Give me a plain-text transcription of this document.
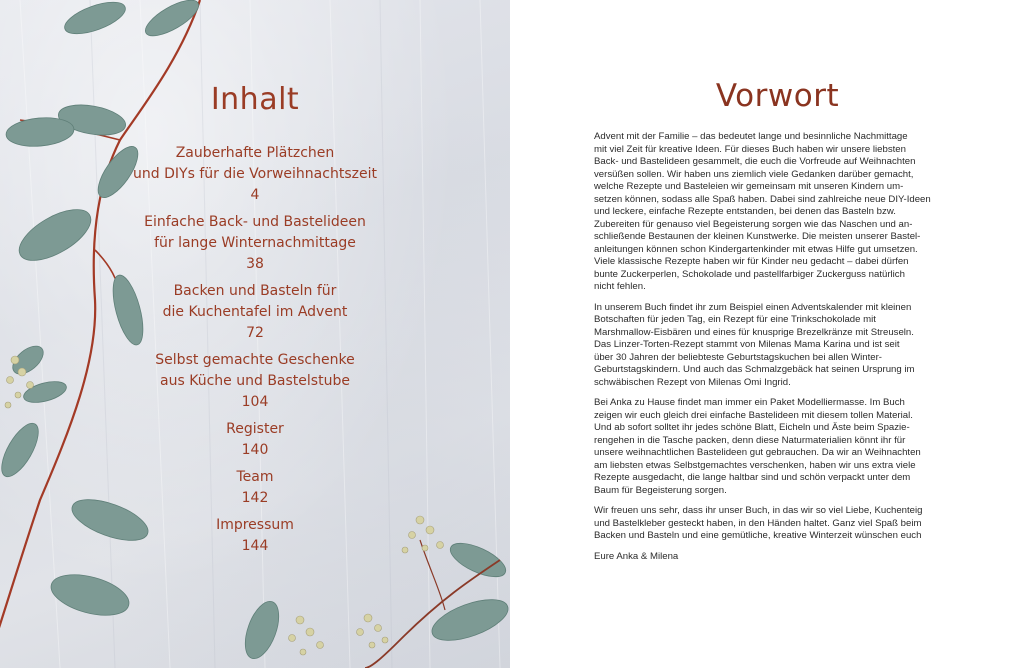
Inhalt
Zauberhafte Plätzchen
und DIYs für die Vorweihnachtszeit
4
Einfache Back- und Bastelideen
für lange Winternachmittage
38
Backen und Basteln für
die Kuchentafel im Advent
72
Selbst gemachte Geschenke
aus Küche und Bastelstube
104
Register
140
Team
142
Impressum
144
Vorwort

Advent mit der Familie – das bedeutet lange und besinnliche Nachmittage
mit viel Zeit für kreative Ideen. Für dieses Buch haben wir unsere liebsten
Back- und Bastelideen gesammelt, die euch die Vorfreude auf Weihnachten
versüßen sollen. Wir haben uns ziemlich viele Gedanken darüber gemacht,
welche Rezepte und Basteleien wir gemeinsam mit unseren Kindern um-
setzen können, sodass alle Spaß haben. Dabei sind zahlreiche neue DIY-Ideen
und leckere, einfache Rezepte entstanden, bei denen das Basteln bzw.
Zubereiten für genauso viel Begeisterung sorgen wie das Naschen und an-
schließende Bestaunen der kleinen Kunstwerke. Die meisten unserer Bastel-
anleitungen können schon Kindergartenkinder mit etwas Hilfe gut umsetzen.
Viele klassische Rezepte haben wir für Kinder neu gedacht – dabei dürfen
bunte Zuckerperlen, Schokolade und pastellfarbiger Zuckerguss natürlich
nicht fehlen.

In unserem Buch findet ihr zum Beispiel einen Adventskalender mit kleinen
Botschaften für jeden Tag, ein Rezept für eine Trinkschokolade mit
Marshmallow-Eisbären und eines für knusprige Brezelkränze mit Streuseln.
Das Linzer-Torten-Rezept stammt von Milenas Mama Karina und ist seit
über 30 Jahren der beliebteste Geburtstagskuchen bei allen Winter-
Geburtstagskindern. Und auch das Schmalzgebäck hat seinen Ursprung im
schwäbischen Rezept von Milenas Omi Ingrid.

Bei Anka zu Hause findet man immer ein Paket Modelliermasse. Im Buch
zeigen wir euch gleich drei einfache Bastelideen mit diesem tollen Material.
Und ab sofort solltet ihr jedes schöne Blatt, Eicheln und Äste beim Spazie-
rengehen in die Tasche packen, denn diese Naturmaterialien könnt ihr für
unsere weihnachtlichen Bastelideen gut gebrauchen. Da wir an Weihnachten
am liebsten etwas Selbstgemachtes verschenken, haben wir uns extra viele
Rezepte ausgedacht, die lange haltbar sind und schön verpackt unter dem
Baum für Begeisterung sorgen.

Wir freuen uns sehr, dass ihr unser Buch, in das wir so viel Liebe, Kuchenteig
und Bastelkleber gesteckt haben, in den Händen haltet. Ganz viel Spaß beim
Backen und Basteln und eine gemütliche, kreative Winterzeit wünschen euch

Eure Anka & Milena
